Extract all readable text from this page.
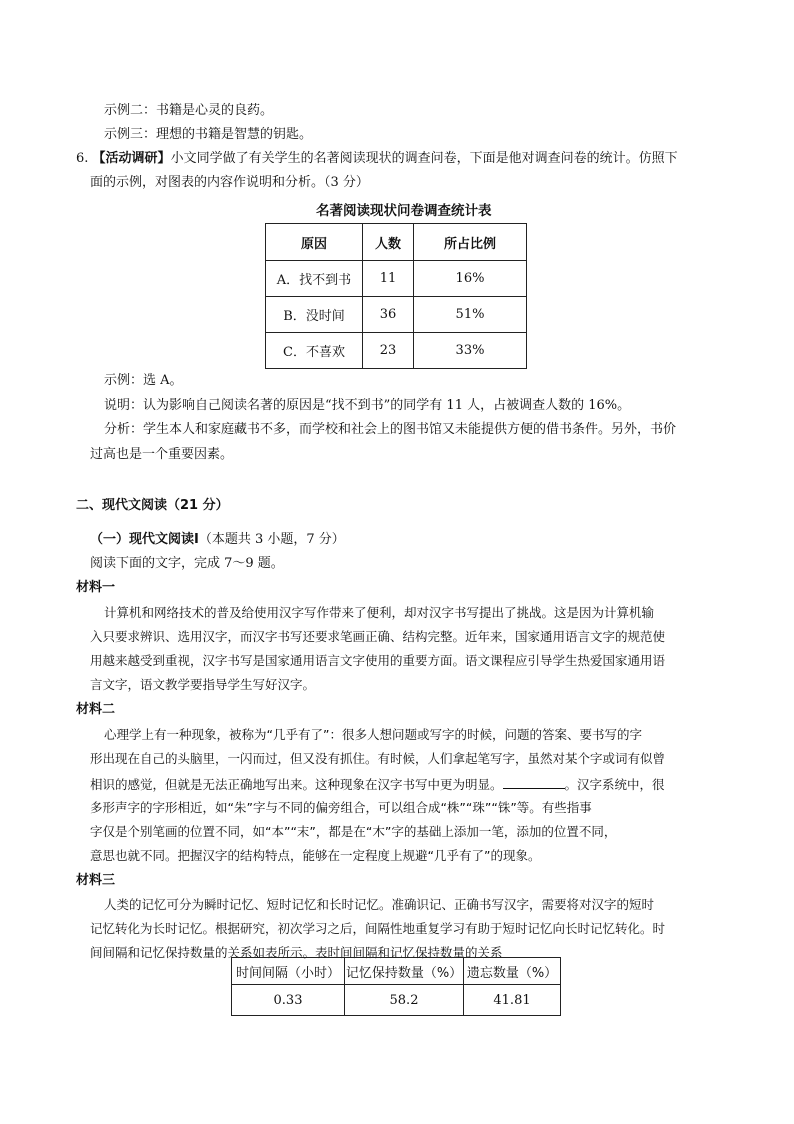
示例二：书籍是心灵的良药。
示例三：理想的书籍是智慧的钥匙。
6. 【活动调研】小文同学做了有关学生的名著阅读现状的调查问卷，下面是他对调查问卷的统计。仿照下
面的示例，对图表的内容作说明和分析。（3 分）
名著阅读现状问卷调查统计表
原因	人数	所占比例
A．找不到书	11	16%
B．没时间	36	51%
C．不喜欢	23	33%
示例：选 A。
说明：认为影响自己阅读名著的原因是“找不到书”的同学有 11 人，占被调查人数的 16%。
分析：学生本人和家庭藏书不多，而学校和社会上的图书馆又未能提供方便的借书条件。另外，书价
过高也是一个重要因素。
二、现代文阅读（21 分）
（一）现代文阅读Ⅰ（本题共 3 小题，7 分）
阅读下面的文字，完成 7～9 题。
材料一
计算机和网络技术的普及给使用汉字写作带来了便利，却对汉字书写提出了挑战。这是因为计算机输
入只要求辨识、选用汉字，而汉字书写还要求笔画正确、结构完整。近年来，国家通用语言文字的规范使
用越来越受到重视，汉字书写是国家通用语言文字使用的重要方面。语文课程应引导学生热爱国家通用语
言文字，语文教学要指导学生写好汉字。
材料二
心理学上有一种现象，被称为“几乎有了”：很多人想问题或写字的时候，问题的答案、要书写的字
形出现在自己的头脑里，一闪而过，但又没有抓住。有时候，人们拿起笔写字，虽然对某个字或词有似曾
相识的感觉，但就是无法正确地写出来。这种现象在汉字书写中更为明显。	。汉字系统中，很
多形声字的字形相近，如“朱”字与不同的偏旁组合，可以组合成“株”“珠”“铢”等。有些指事
字仅是个别笔画的位置不同，如“本”“末”，都是在“木”字的基础上添加一笔，添加的位置不同，
意思也就不同。把握汉字的结构特点，能够在一定程度上规避“几乎有了”的现象。
材料三
人类的记忆可分为瞬时记忆、短时记忆和长时记忆。准确识记、正确书写汉字，需要将对汉字的短时
记忆转化为长时记忆。根据研究，初次学习之后，间隔性地重复学习有助于短时记忆向长时记忆转化。时
间间隔和记忆保持数量的关系如表所示。表时间间隔和记忆保持数量的关系
时间间隔（小时）	记忆保持数量（%）	遗忘数量（%）
0.33	58.2	41.81
